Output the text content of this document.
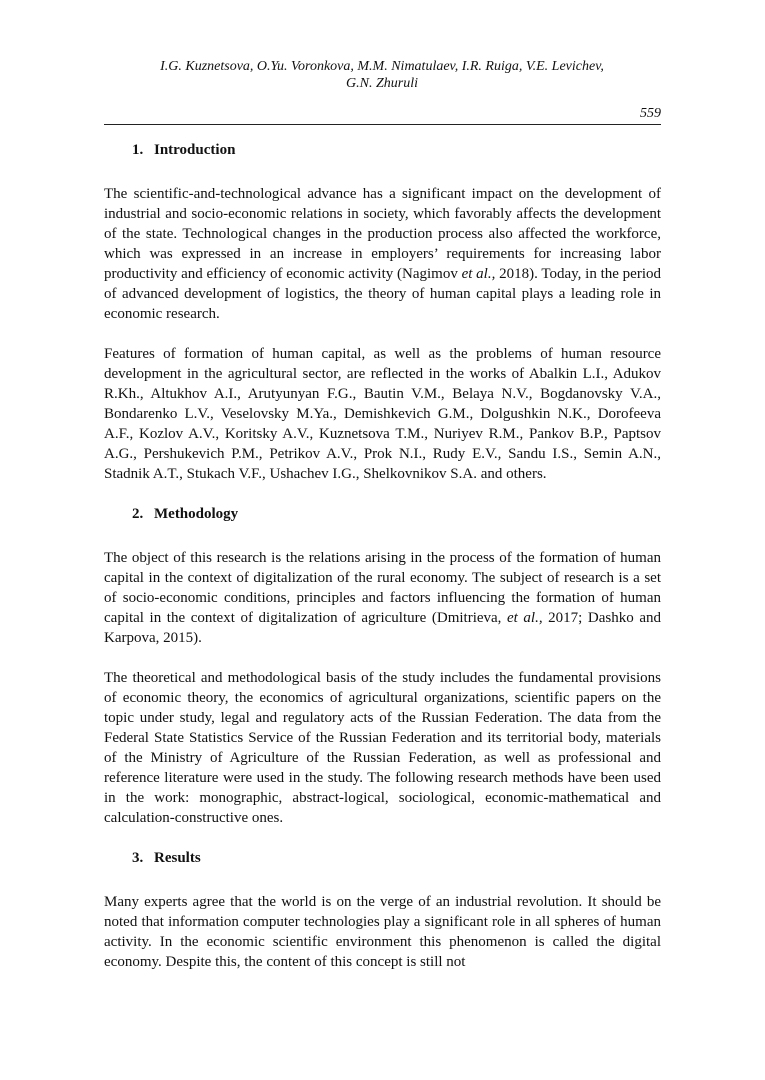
I.G. Kuznetsova, O.Yu. Voronkova, M.M. Nimatulaev, I.R. Ruiga, V.E. Levichev,
G.N. Zhuruli
559
1. Introduction

The scientific-and-technological advance has a significant impact on the development of industrial and socio-economic relations in society, which favorably affects the development of the state. Technological changes in the production process also affected the workforce, which was expressed in an increase in employers’ requirements for increasing labor productivity and efficiency of economic activity (Nagimov et al., 2018). Today, in the period of advanced development of logistics, the theory of human capital plays a leading role in economic research.

Features of formation of human capital, as well as the problems of human resource development in the agricultural sector, are reflected in the works of Abalkin L.I., Adukov R.Kh., Altukhov A.I., Arutyunyan F.G., Bautin V.M., Belaya N.V., Bogdanovsky V.A., Bondarenko L.V., Veselovsky M.Ya., Demishkevich G.M., Dolgushkin N.K., Dorofeeva A.F., Kozlov A.V., Koritsky A.V., Kuznetsova T.M., Nuriyev R.M., Pankov B.P., Paptsov A.G., Pershukevich P.M., Petrikov A.V., Prok N.I., Rudy E.V., Sandu I.S., Semin A.N., Stadnik A.T., Stukach V.F., Ushachev I.G., Shelkovnikov S.A. and others.

2. Methodology

The object of this research is the relations arising in the process of the formation of human capital in the context of digitalization of the rural economy. The subject of research is a set of socio-economic conditions, principles and factors influencing the formation of human capital in the context of digitalization of agriculture (Dmitrieva, et al., 2017; Dashko and Karpova, 2015).

The theoretical and methodological basis of the study includes the fundamental provisions of economic theory, the economics of agricultural organizations, scientific papers on the topic under study, legal and regulatory acts of the Russian Federation. The data from the Federal State Statistics Service of the Russian Federation and its territorial body, materials of the Ministry of Agriculture of the Russian Federation, as well as professional and reference literature were used in the study. The following research methods have been used in the work: monographic, abstract-logical, sociological, economic-mathematical and calculation-constructive ones.

3. Results

Many experts agree that the world is on the verge of an industrial revolution. It should be noted that information computer technologies play a significant role in all spheres of human activity. In the economic scientific environment this phenomenon is called the digital economy. Despite this, the content of this concept is still not
